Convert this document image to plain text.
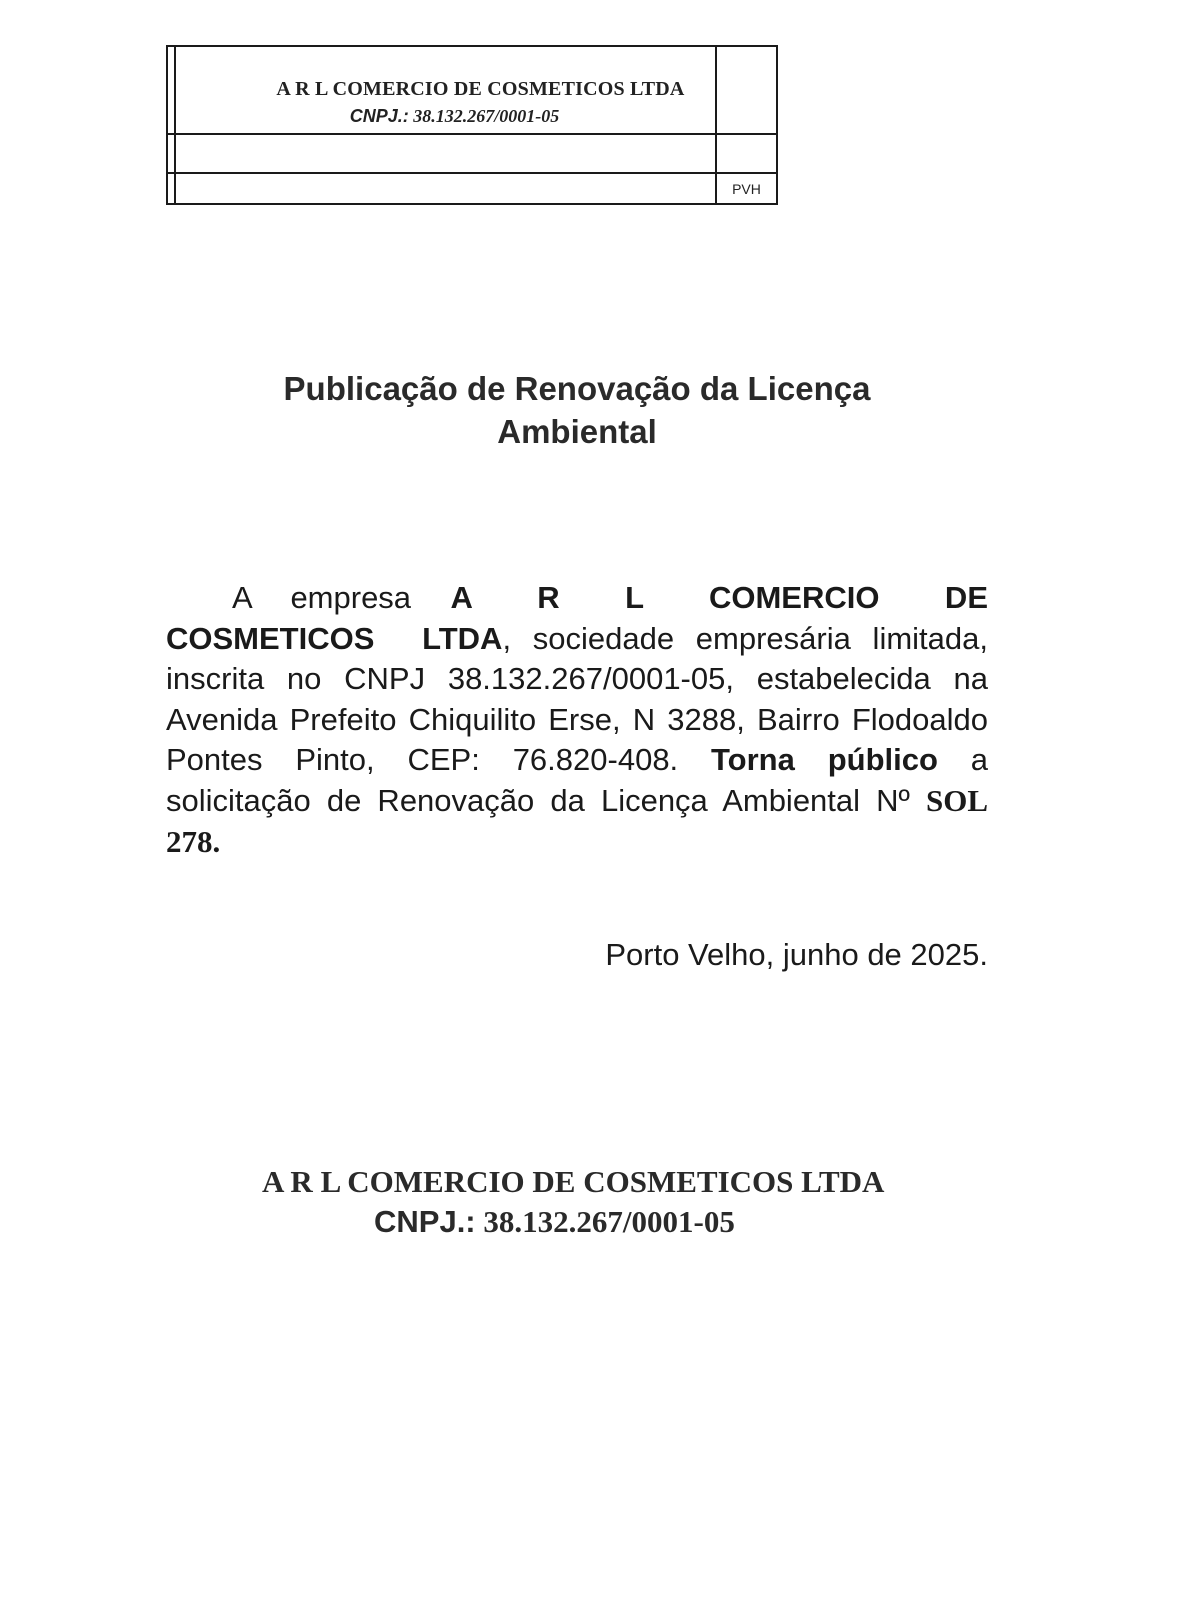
A R L COMERCIO DE COSMETICOS LTDA
CNPJ.: 38.132.267/0001-05
PVH
Publicação de Renovação da Licença
Ambiental

A empresa A R L COMERCIO DE COSMETICOS LTDA, sociedade empresária limitada, inscrita no CNPJ 38.132.267/0001-05, estabelecida na Avenida Prefeito Chiquilito Erse, N 3288, Bairro Flodoaldo Pontes Pinto, CEP: 76.820-408. Torna público a solicitação de Renovação da Licença Ambiental Nº SOL 278.

Porto Velho, junho de 2025.
A R L COMERCIO DE COSMETICOS LTDA
CNPJ.: 38.132.267/0001-05
